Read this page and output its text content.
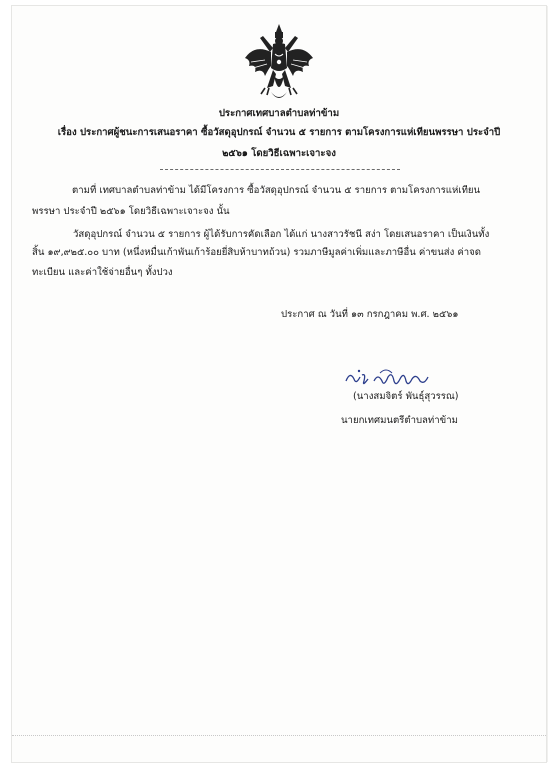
ประกาศเทศบาลตำบลท่าข้าม
เรื่อง ประกาศผู้ชนะการเสนอราคา ซื้อวัสดุอุปกรณ์ จำนวน ๕ รายการ ตามโครงการแห่เทียนพรรษา ประจำปี
๒๕๖๑ โดยวิธีเฉพาะเจาะจง
ตามที่ เทศบาลตำบลท่าข้าม ได้มีโครงการ ซื้อวัสดุอุปกรณ์ จำนวน ๕ รายการ ตามโครงการแห่เทียน
พรรษา ประจำปี ๒๕๖๑ โดยวิธีเฉพาะเจาะจง นั้น
วัสดุอุปกรณ์ จำนวน ๕ รายการ ผู้ได้รับการคัดเลือก ได้แก่ นางสาวรัชนี สง่า โดยเสนอราคา เป็นเงินทั้ง
สิ้น ๑๙,๙๒๕.๐๐ บาท (หนึ่งหมื่นเก้าพันเก้าร้อยยี่สิบห้าบาทถ้วน) รวมภาษีมูลค่าเพิ่มและภาษีอื่น ค่าขนส่ง ค่าจด
ทะเบียน และค่าใช้จ่ายอื่นๆ ทั้งปวง
ประกาศ ณ วันที่ ๑๓ กรกฎาคม พ.ศ. ๒๕๖๑
(นางสมจิตร์ พันธุ์สุวรรณ)
นายกเทศมนตรีตำบลท่าข้าม
